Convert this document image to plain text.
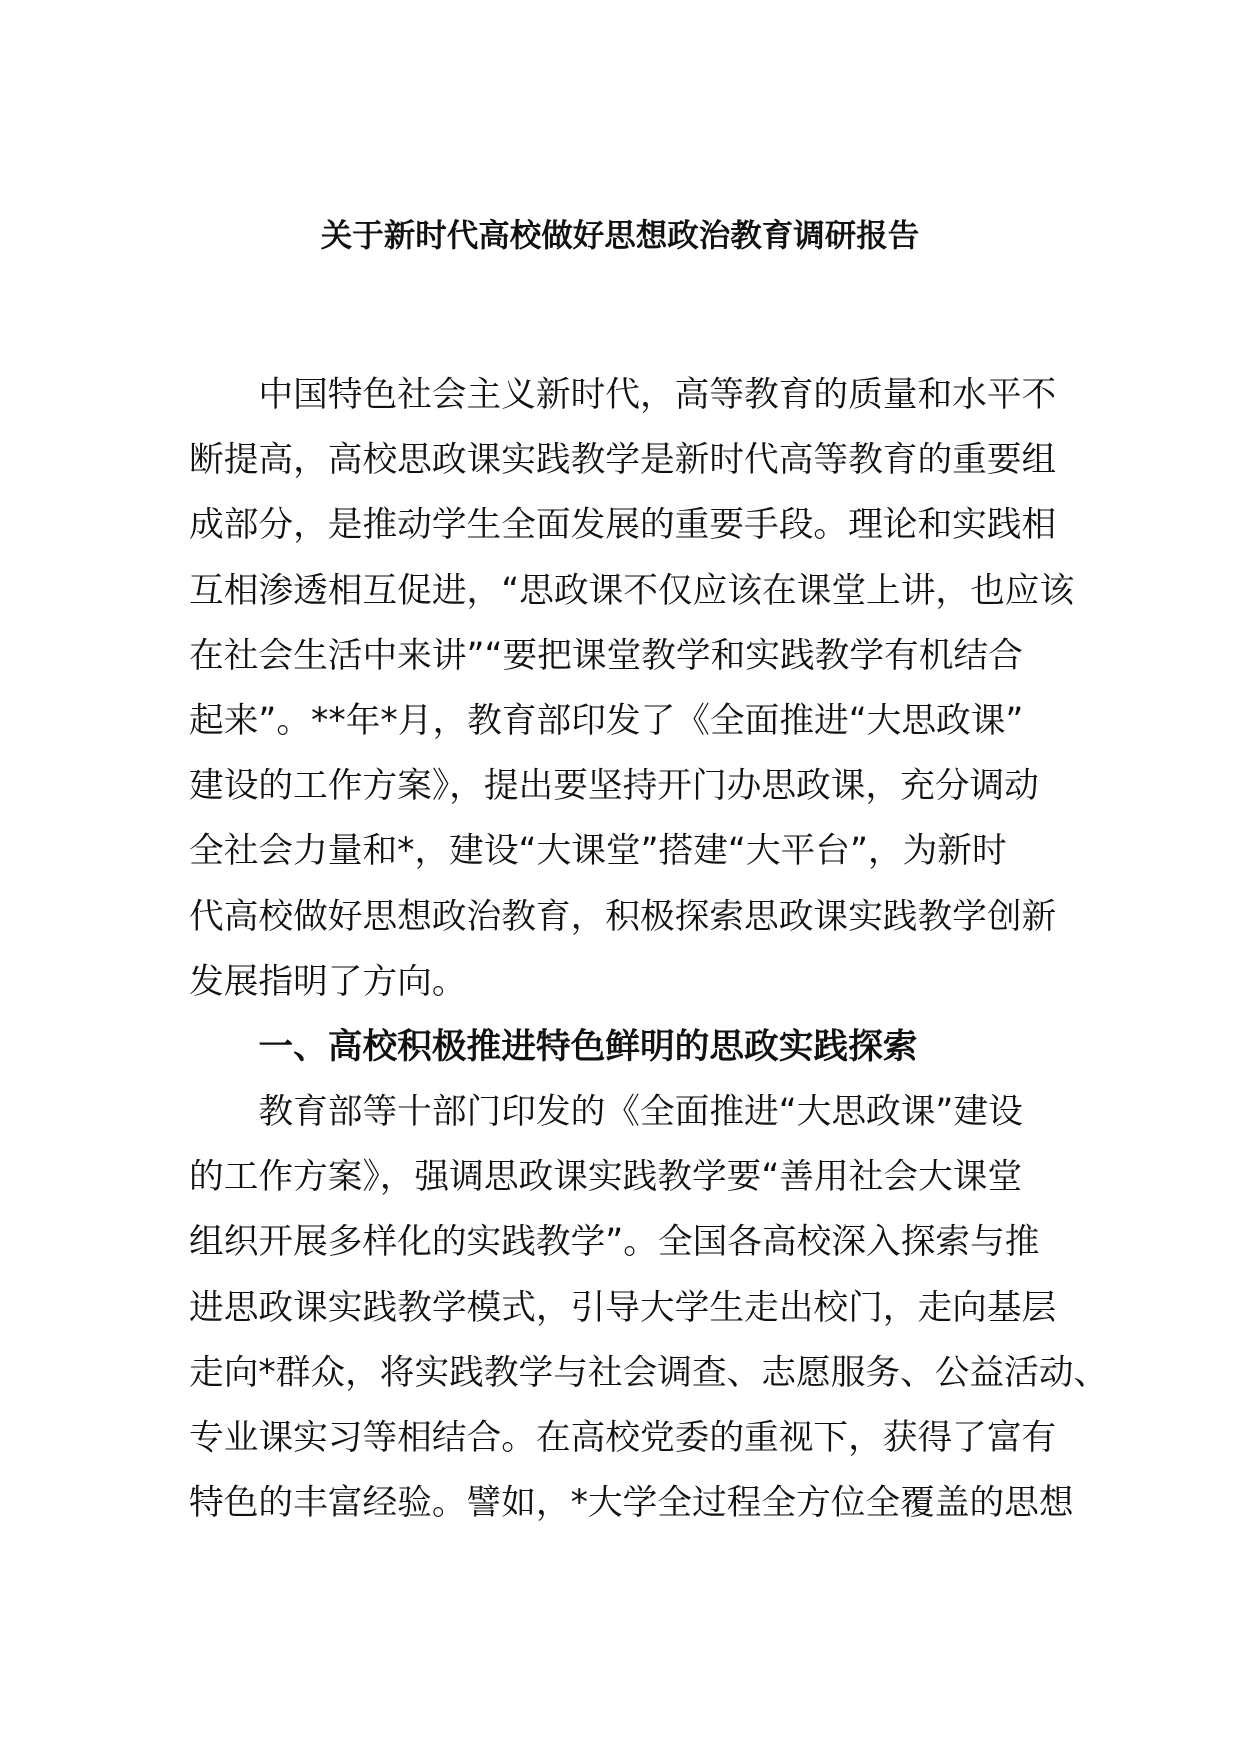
关于新时代高校做好思想政治教育调研报告
中国特色社会主义新时代，高等教育的质量和水平不
断提高，高校思政课实践教学是新时代高等教育的重要组
成部分，是推动学生全面发展的重要手段。理论和实践相
互相渗透相互促进，“思政课不仅应该在课堂上讲，也应该
在社会生活中来讲”“要把课堂教学和实践教学有机结合
起来”。**年*月，教育部印发了《全面推进“大思政课”
建设的工作方案》，提出要坚持开门办思政课，充分调动
全社会力量和*，建设“大课堂”搭建“大平台”，为新时
代高校做好思想政治教育，积极探索思政课实践教学创新
发展指明了方向。
一、高校积极推进特色鲜明的思政实践探索
教育部等十部门印发的《全面推进“大思政课”建设
的工作方案》，强调思政课实践教学要“善用社会大课堂
组织开展多样化的实践教学”。全国各高校深入探索与推
进思政课实践教学模式，引导大学生走出校门，走向基层
走向*群众，将实践教学与社会调查、志愿服务、公益活动、
专业课实习等相结合。在高校党委的重视下，获得了富有
特色的丰富经验。譬如，*大学全过程全方位全覆盖的思想
